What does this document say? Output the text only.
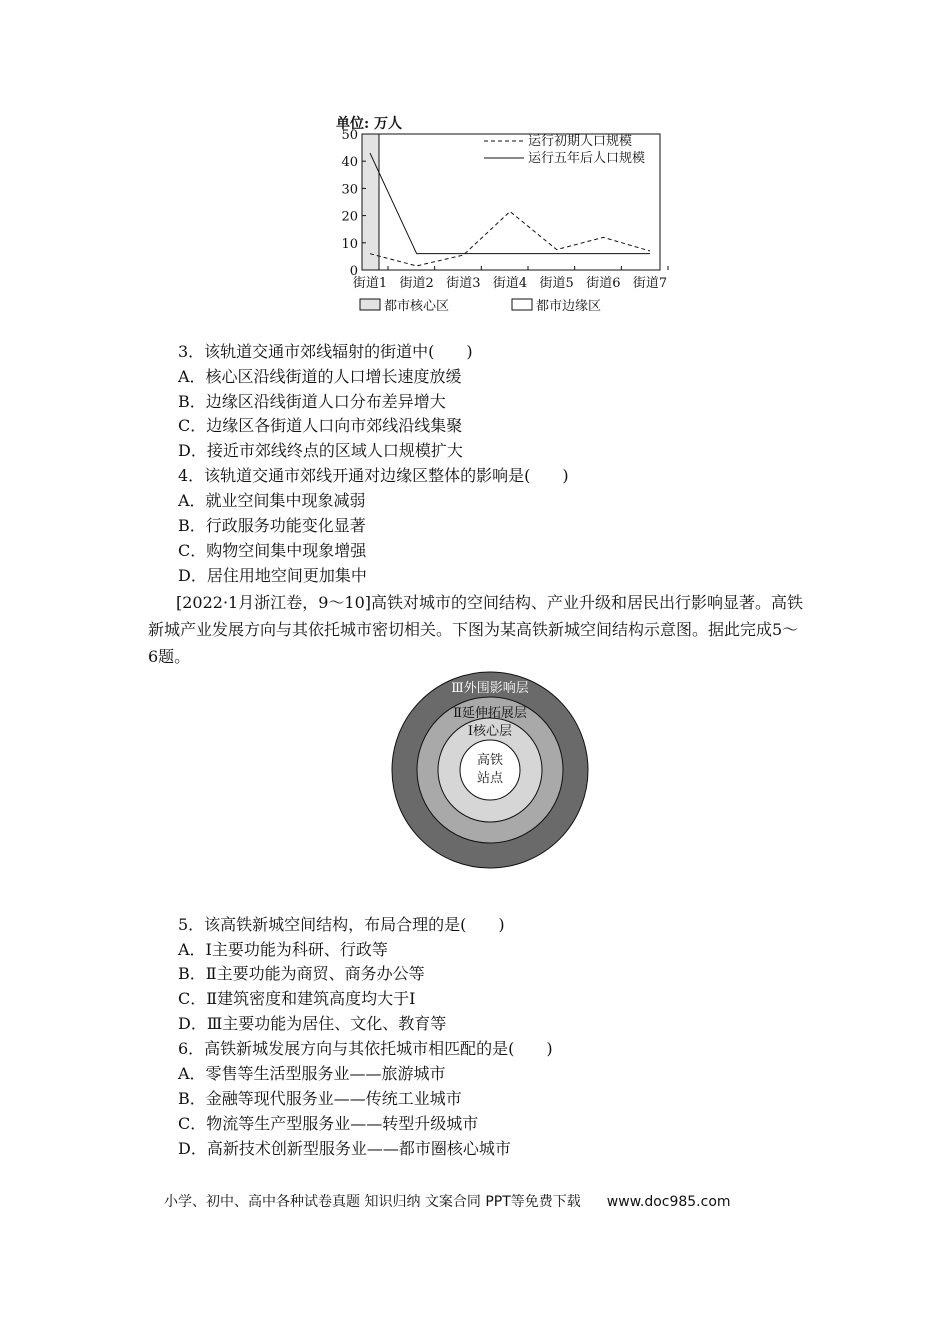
单位: 万人
0
10
20
30
40
50
街道1 街道2 街道3 街道4 街道5 街道6 街道7
运行初期人口规模
运行五年后人口规模
都市核心区	都市边缘区
3．该轨道交通市郊线辐射的街道中(　　)
A．核心区沿线街道的人口增长速度放缓
B．边缘区沿线街道人口分布差异增大
C．边缘区各街道人口向市郊线沿线集聚
D．接近市郊线终点的区域人口规模扩大
4．该轨道交通市郊线开通对边缘区整体的影响是(　　)
A．就业空间集中现象减弱
B．行政服务功能变化显著
C．购物空间集中现象增强
D．居住用地空间更加集中
[2022·1月浙江卷，9～10]高铁对城市的空间结构、产业升级和居民出行影响显著。高铁新城产业发展方向与其依托城市密切相关。下图为某高铁新城空间结构示意图。据此完成5～6题。
Ⅲ外围影响层
Ⅱ延伸拓展层
Ⅰ核心层
高铁
站点
5．该高铁新城空间结构，布局合理的是(　　)
A．Ⅰ主要功能为科研、行政等
B．Ⅱ主要功能为商贸、商务办公等
C．Ⅱ建筑密度和建筑高度均大于Ⅰ
D．Ⅲ主要功能为居住、文化、教育等
6．高铁新城发展方向与其依托城市相匹配的是(　　)
A．零售等生活型服务业——旅游城市
B．金融等现代服务业——传统工业城市
C．物流等生产型服务业——转型升级城市
D．高新技术创新型服务业——都市圈核心城市
小学、初中、高中各种试卷真题 知识归纳 文案合同 PPT等免费下载 www.doc985.com
